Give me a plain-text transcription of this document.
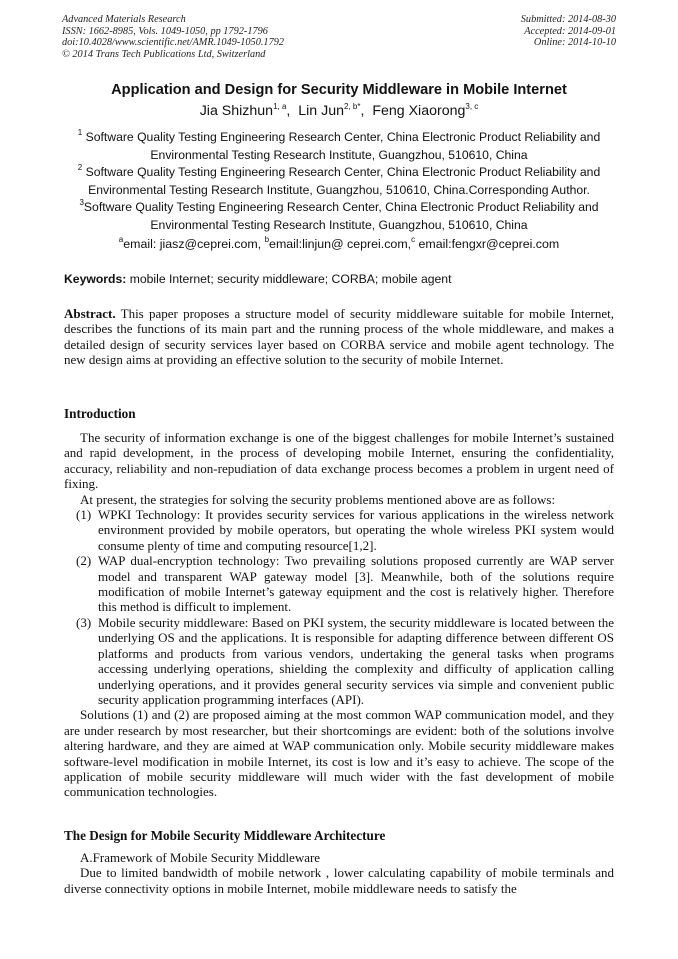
Advanced Materials Research
ISSN: 1662-8985, Vols. 1049-1050, pp 1792-1796
doi:10.4028/www.scientific.net/AMR.1049-1050.1792
© 2014 Trans Tech Publications Ltd, Switzerland
Submitted: 2014-08-30
Accepted: 2014-09-01
Online: 2014-10-10
Application and Design for Security Middleware in Mobile Internet
Jia Shizhun$^{1, a}$, Lin Jun$^{2, b*}$, Feng Xiaorong$^{3, c}$
$^1$ Software Quality Testing Engineering Research Center, China Electronic Product Reliability and
Environmental Testing Research Institute, Guangzhou, 510610, China
$^2$ Software Quality Testing Engineering Research Center, China Electronic Product Reliability and
Environmental Testing Research Institute, Guangzhou, 510610, China.Corresponding Author.
$^3$Software Quality Testing Engineering Research Center, China Electronic Product Reliability and
Environmental Testing Research Institute, Guangzhou, 510610, China
$^a$email: jiasz@ceprei.com, $^b$email:linjun@ ceprei.com,$^c$ email:fengxr@ceprei.com
Keywords: mobile Internet; security middleware; CORBA; mobile agent

Abstract. This paper proposes a structure model of security middleware suitable for mobile Internet, describes the functions of its main part and the running process of the whole middleware, and makes a detailed design of security services layer based on CORBA service and mobile agent technology. The new design aims at providing an effective solution to the security of mobile Internet.

Introduction

The security of information exchange is one of the biggest challenges for mobile Internet’s sustained and rapid development, in the process of developing mobile Internet, ensuring the confidentiality, accuracy, reliability and non-repudiation of data exchange process becomes a problem in urgent need of fixing.

At present, the strategies for solving the security problems mentioned above are as follows:

(1) WPKI Technology: It provides security services for various applications in the wireless network environment provided by mobile operators, but operating the whole wireless PKI system would consume plenty of time and computing resource[1,2].

(2) WAP dual-encryption technology: Two prevailing solutions proposed currently are WAP server model and transparent WAP gateway model [3]. Meanwhile, both of the solutions require modification of mobile Internet’s gateway equipment and the cost is relatively higher. Therefore this method is difficult to implement.

(3) Mobile security middleware: Based on PKI system, the security middleware is located between the underlying OS and the applications. It is responsible for adapting difference between different OS platforms and products from various vendors, undertaking the general tasks when programs accessing underlying operations, shielding the complexity and difficulty of application calling underlying operations, and it provides general security services via simple and convenient public security application programming interfaces (API).

Solutions (1) and (2) are proposed aiming at the most common WAP communication model, and they are under research by most researcher, but their shortcomings are evident: both of the solutions involve altering hardware, and they are aimed at WAP communication only. Mobile security middleware makes software-level modification in mobile Internet, its cost is low and it’s easy to achieve. The scope of the application of mobile security middleware will much wider with the fast development of mobile communication technologies.

The Design for Mobile Security Middleware Architecture

A.Framework of Mobile Security Middleware

Due to limited bandwidth of mobile network , lower calculating capability of mobile terminals and diverse connectivity options in mobile Internet, mobile middleware needs to satisfy the
